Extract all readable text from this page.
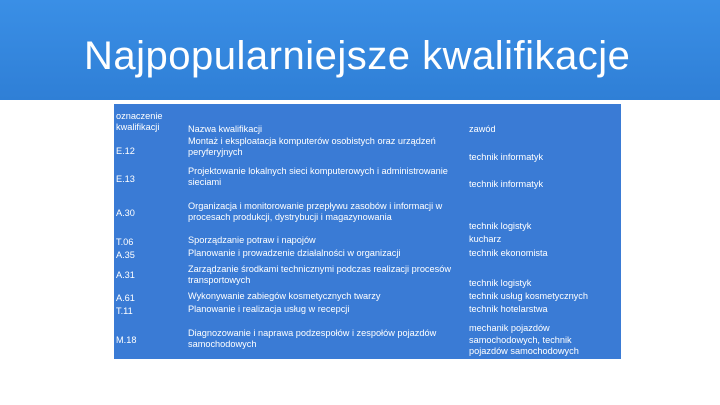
Najpopularniejsze kwalifikacje
oznaczenie
kwalifikacji	Nazwa kwalifikacji	zawód
E.12
E.13
A.30
T.06
A.35
A.31
A.61
T.11
M.18
Montaż i eksploatacja komputerów osobistych oraz urządzeń
peryferyjnych
Projektowanie lokalnych sieci komputerowych i administrowanie
sieciami
Organizacja i monitorowanie przepływu zasobów i informacji w
procesach produkcji, dystrybucji i magazynowania
Sporządzanie potraw i napojów
Planowanie i prowadzenie działalności w organizacji
Zarządzanie środkami technicznymi podczas realizacji procesów
transportowych
Wykonywanie zabiegów kosmetycznych twarzy
Planowanie i realizacja usług w recepcji
Diagnozowanie i naprawa podzespołów i zespołów pojazdów
samochodowych
technik informatyk
technik informatyk
technik logistyk
kucharz
technik ekonomista
technik logistyk
technik usług kosmetycznych
technik hotelarstwa
mechanik pojazdów
samochodowych, technik
pojazdów samochodowych
